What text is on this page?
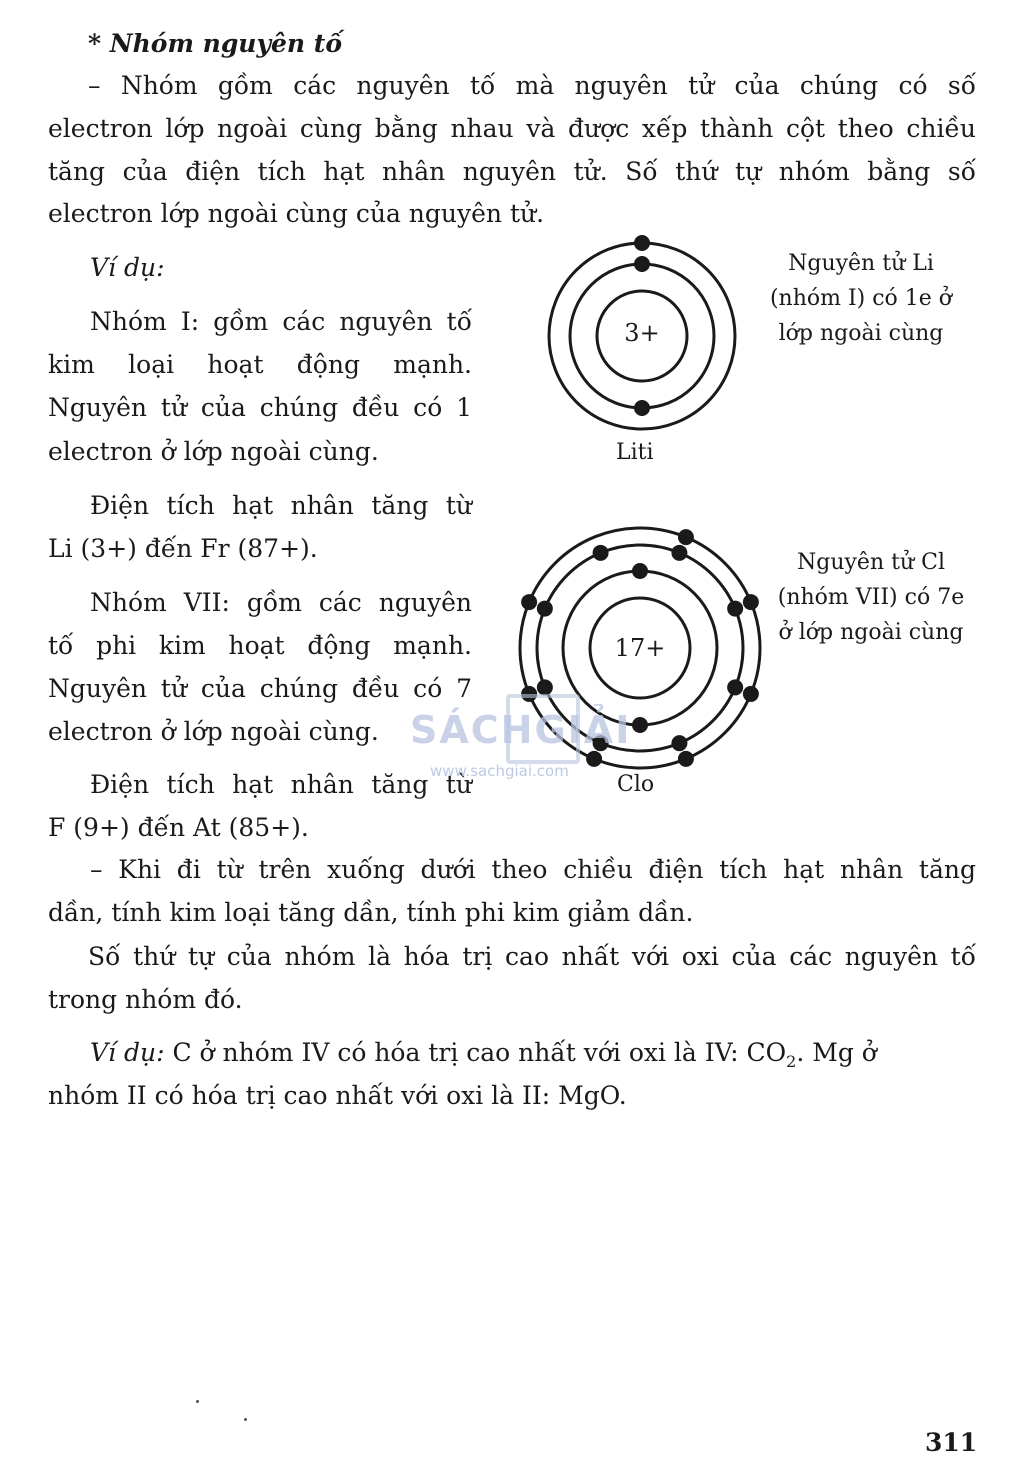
* Nhóm nguyên tố
– Nhóm gồm các nguyên tố mà nguyên tử của chúng có số
electron lớp ngoài cùng bằng nhau và được xếp thành cột theo chiều
tăng của điện tích hạt nhân nguyên tử. Số thứ tự nhóm bằng số
electron lớp ngoài cùng của nguyên tử.
Ví dụ:
Nhóm I: gồm các nguyên tố
kim loại hoạt động mạnh.
Nguyên tử của chúng đều có 1
electron ở lớp ngoài cùng.
Điện tích hạt nhân tăng từ
Li (3+) đến Fr (87+).
Nhóm VII: gồm các nguyên
tố phi kim hoạt động mạnh.
Nguyên tử của chúng đều có 7
electron ở lớp ngoài cùng.
Điện tích hạt nhân tăng từ
F (9+) đến At (85+).
– Khi đi từ trên xuống dưới theo chiều điện tích hạt nhân tăng
dần, tính kim loại tăng dần, tính phi kim giảm dần.
Số thứ tự của nhóm là hóa trị cao nhất với oxi của các nguyên tố
trong nhóm đó.
Ví dụ: C ở nhóm IV có hóa trị cao nhất với oxi là IV: $CO_2$. Mg ở
nhóm II có hóa trị cao nhất với oxi là II: MgO.
3+
Liti
Nguyên tử Li
(nhóm I) có 1e ở
lớp ngoài cùng
17+
Clo
Nguyên tử Cl
(nhóm VII) có 7e
ở lớp ngoài cùng
SÁCHGIẢI
www.sachgiai.com
311
